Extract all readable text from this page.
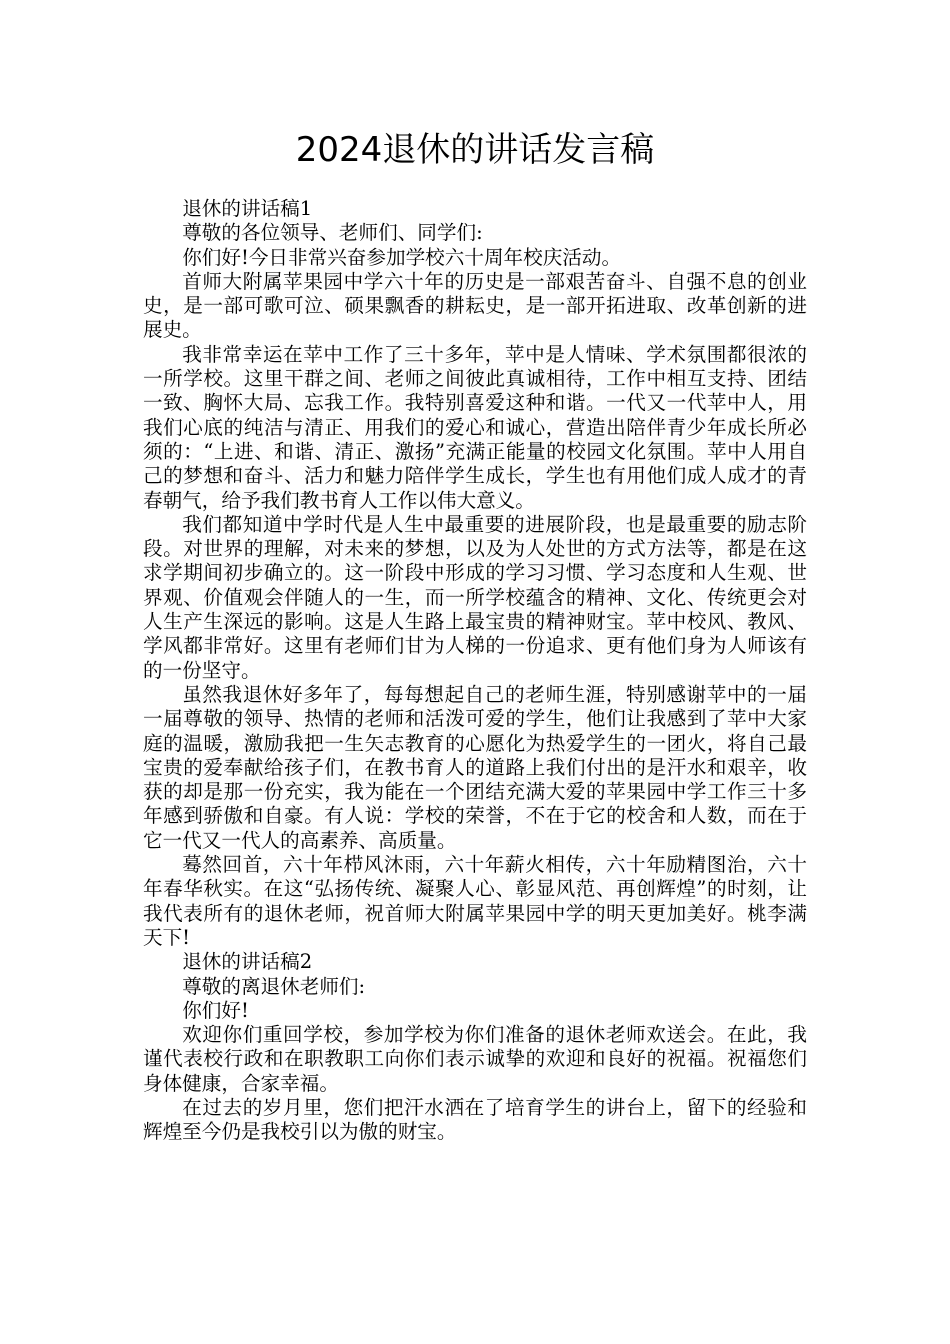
2024退休的讲话发言稿

退休的讲话稿1

尊敬的各位领导、老师们、同学们:

你们好!今日非常兴奋参加学校六十周年校庆活动。

首师大附属苹果园中学六十年的历史是一部艰苦奋斗、自强不息的创业史，是一部可歌可泣、硕果飘香的耕耘史，是一部开拓进取、改革创新的进展史。

我非常幸运在苹中工作了三十多年，苹中是人情味、学术氛围都很浓的一所学校。这里干群之间、老师之间彼此真诚相待，工作中相互支持、团结一致、胸怀大局、忘我工作。我特别喜爱这种和谐。一代又一代苹中人，用我们心底的纯洁与清正、用我们的爱心和诚心，营造出陪伴青少年成长所必须的：“上进、和谐、清正、激扬”充满正能量的校园文化氛围。苹中人用自己的梦想和奋斗、活力和魅力陪伴学生成长，学生也有用他们成人成才的青春朝气，给予我们教书育人工作以伟大意义。

我们都知道中学时代是人生中最重要的进展阶段，也是最重要的励志阶段。对世界的理解，对未来的梦想，以及为人处世的方式方法等，都是在这求学期间初步确立的。这一阶段中形成的学习习惯、学习态度和人生观、世界观、价值观会伴随人的一生，而一所学校蕴含的精神、文化、传统更会对人生产生深远的影响。这是人生路上最宝贵的精神财宝。苹中校风、教风、学风都非常好。这里有老师们甘为人梯的一份追求、更有他们身为人师该有的一份坚守。

虽然我退休好多年了，每每想起自己的老师生涯，特别感谢苹中的一届一届尊敬的领导、热情的老师和活泼可爱的学生，他们让我感到了苹中大家庭的温暖，激励我把一生矢志教育的心愿化为热爱学生的一团火，将自己最宝贵的爱奉献给孩子们，在教书育人的道路上我们付出的是汗水和艰辛，收获的却是那一份充实，我为能在一个团结充满大爱的苹果园中学工作三十多年感到骄傲和自豪。有人说：学校的荣誉，不在于它的校舍和人数，而在于它一代又一代人的高素养、高质量。

蓦然回首，六十年栉风沐雨，六十年薪火相传，六十年励精图治，六十年春华秋实。在这“弘扬传统、凝聚人心、彰显风范、再创辉煌”的时刻，让我代表所有的退休老师，祝首师大附属苹果园中学的明天更加美好。桃李满天下!

退休的讲话稿2

尊敬的离退休老师们:

你们好!

欢迎你们重回学校，参加学校为你们准备的退休老师欢送会。在此，我谨代表校行政和在职教职工向你们表示诚挚的欢迎和良好的祝福。祝福您们身体健康，合家幸福。

在过去的岁月里，您们把汗水洒在了培育学生的讲台上，留下的经验和辉煌至今仍是我校引以为傲的财宝。
